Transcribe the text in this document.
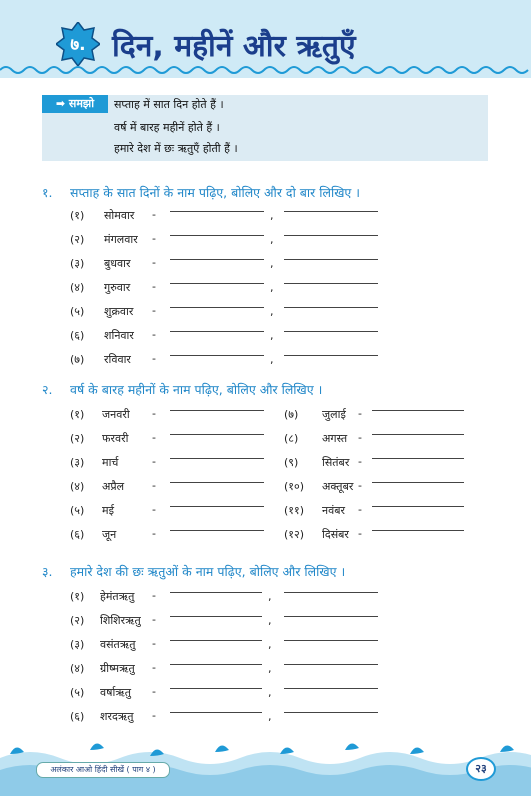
७. दिन, महीनें और ऋतुएँ
➡ समझो	सप्ताह में सात दिन होते हैं ।
वर्ष में बारह महीनें होते हैं ।
हमारे देश में छः ऋतुएँ होती हैं ।
१. सप्ताह के सात दिनों के नाम पढ़िए, बोलिए और दो बार लिखिए ।
(१) सोमवार -	,
(२) मंगलवार -	,
(३) बुधवार -	,
(४) गुरुवार -	,
(५) शुक्रवार -	,
(६) शनिवार -	,
(७) रविवार -	,
२. वर्ष के बारह महीनों के नाम पढ़िए, बोलिए और लिखिए ।
(१) जनवरी -
(२) फरवरी -
(३) मार्च	-
(४) अप्रैल	-
(५) मई	-
(६) जून	-
(७) जुलाई -
(८) अगस्त -
(९) सितंबर -
(१०) अक्तूबर -
(११) नवंबर -
(१२) दिसंबर -
३. हमारे देश की छः ऋतुओं के नाम पढ़िए, बोलिए और लिखिए ।
(१) हेमंतऋतु -	,
(२) शिशिरऋतु -	,
(३) वसंतऋतु -	,
(४) ग्रीष्मऋतु -	,
(५) वर्षाऋतु -	,
(६) शरदऋतु -	,
अलंकार आओ हिंदी सीखें ( पाग ४ )	२३
